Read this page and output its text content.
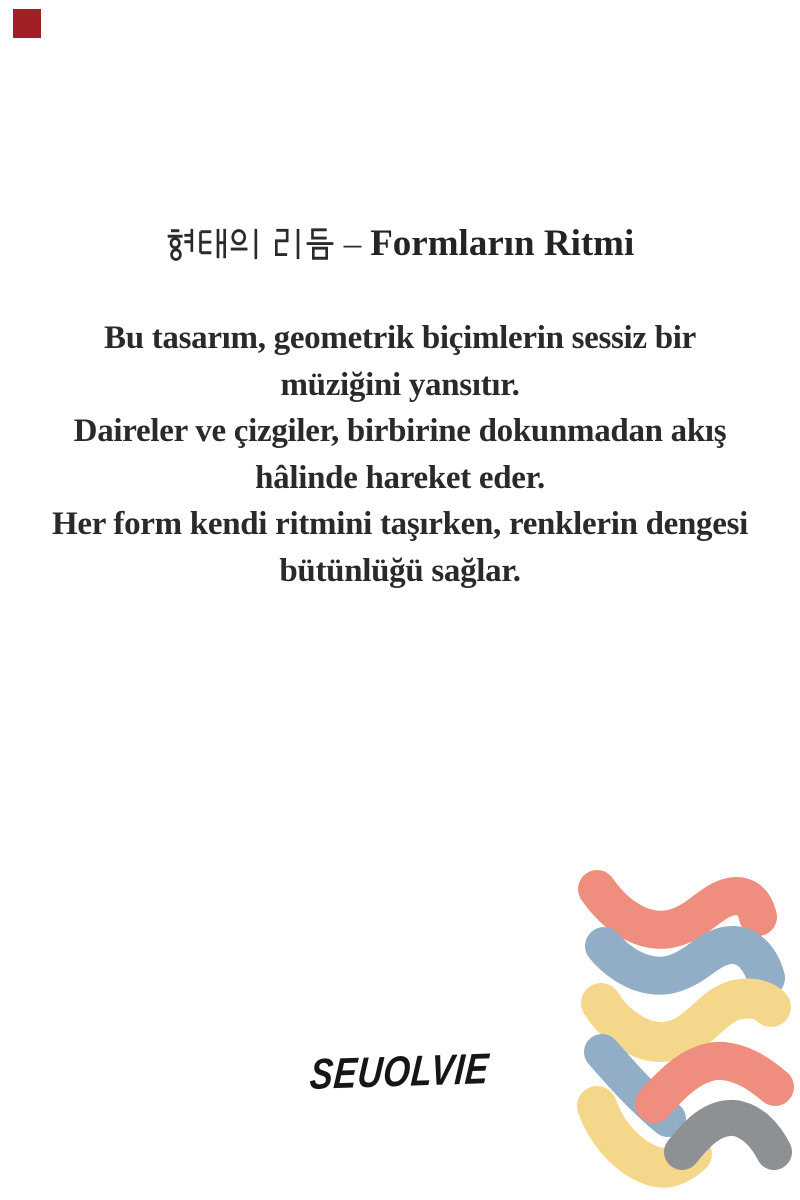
– Formların Ritmi
Bu tasarım, geometrik biçimlerin sessiz bir
müziğini yansıtır.
Daireler ve çizgiler, birbirine dokunmadan akış
hâlinde hareket eder.
Her form kendi ritmini taşırken, renklerin dengesi
bütünlüğü sağlar.
SEUOLVIE
